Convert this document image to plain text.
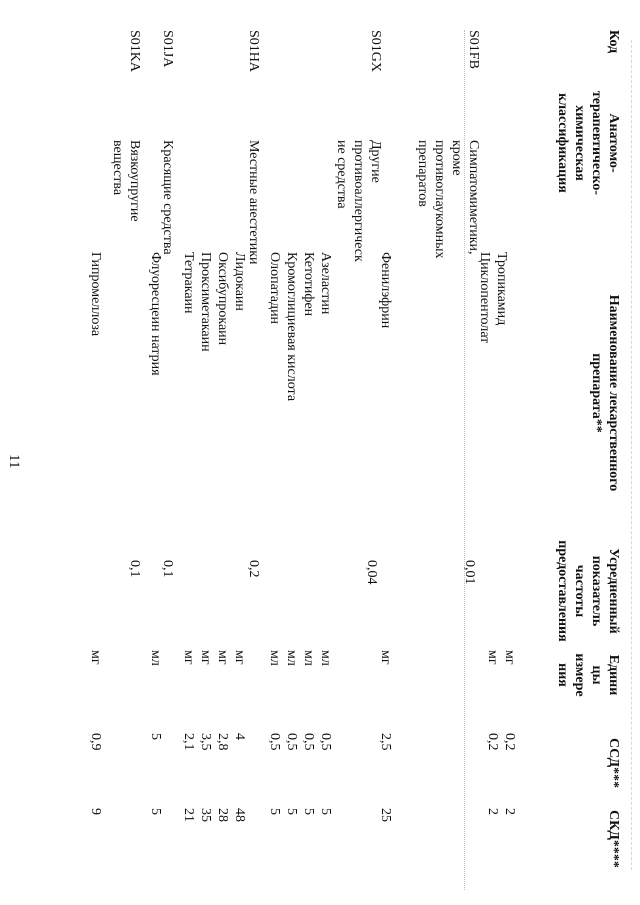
11
Код
Анатомо-
терапевтическо-
химическая
классификация
Наименование лекарственного
препарата**
Усредненный
показатель
частоты
предоставления
Едини
цы
измере
ния
ССД***
СКД****
S01FB
Симпатомиметики,
кроме
противоглаукомных
препаратов
0,01
Тропикамид
Циклопентолат
мг
мг
0,2
0,2
2
2
S01GX
Другие
противоаллергическ
ие средства
0,04
Фенилэфрин
Азеластин
Кетотифен
Кромоглициевая кислота
Олопатадин
мг
мл
мл
мл
мл
2,5
0,5
0,5
0,5
0,5
25
5
5
5
5
S01HA
Местные анестетики
0,2
Лидокаин
Оксибупрокаин
Проксиметакаин
Тетракаин
мг
мг
мг
мг
4
2,8
3,5
2,1
48
28
35
21
S01JA
Красящие средства
0,1
Флуоресцеин натрия
мл
5
5
S01KA
Вязкоупругие
вещества
0,1
Гипромеллоза
мг
0,9
9
